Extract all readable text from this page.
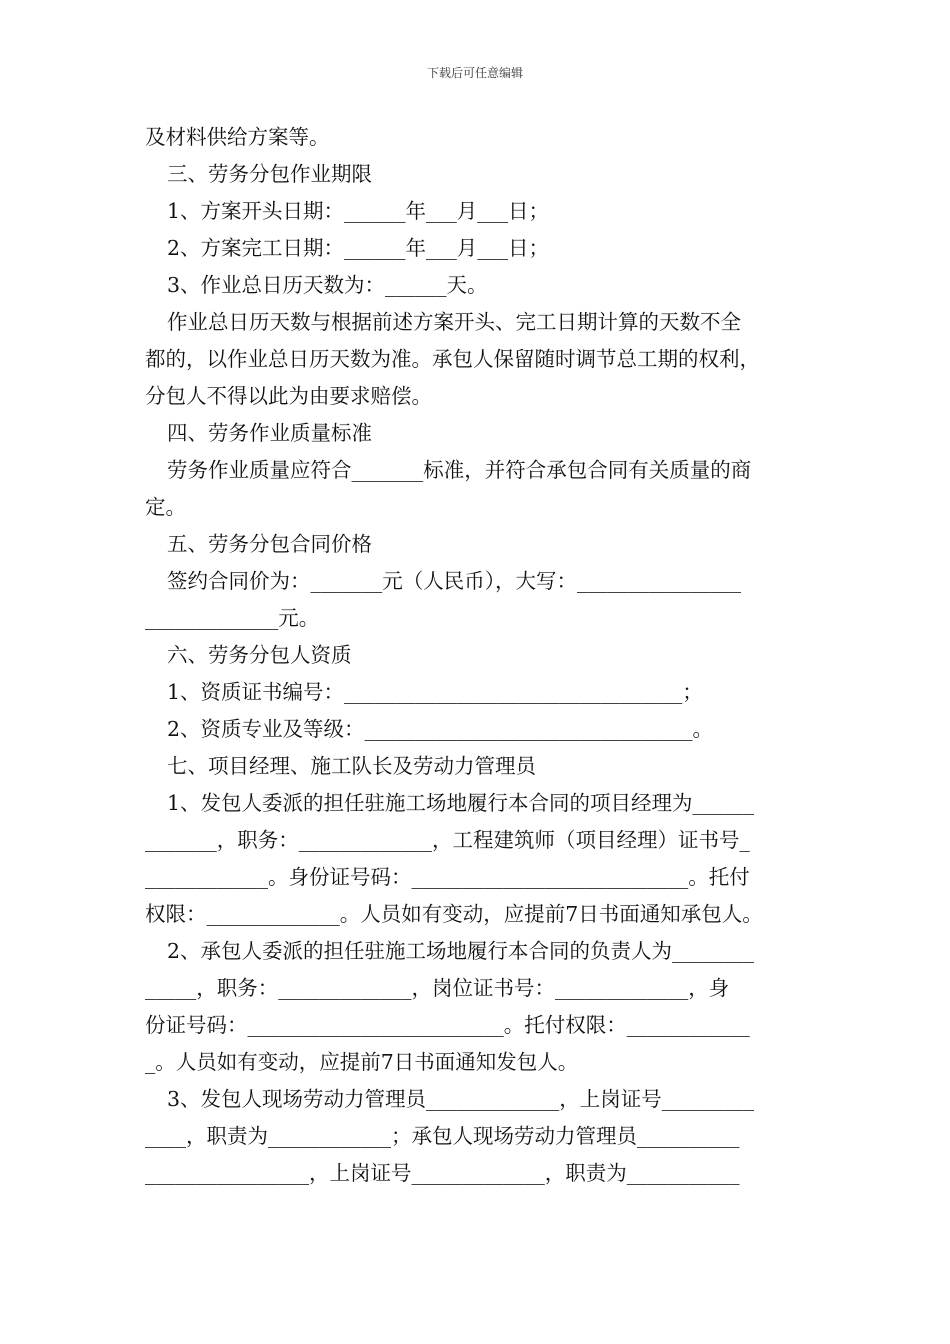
下载后可任意编辑
及材料供给方案等。
三、劳务分包作业期限
1、方案开头日期：______年___月___日；
2、方案完工日期：______年___月___日；
3、作业总日历天数为：______天。
作业总日历天数与根据前述方案开头、完工日期计算的天数不全
都的，以作业总日历天数为准。承包人保留随时调节总工期的权利，
分包人不得以此为由要求赔偿。
四、劳务作业质量标准
劳务作业质量应符合_______标准，并符合承包合同有关质量的商
定。
五、劳务分包合同价格
签约合同价为：_______元（人民币），大写：________________
_____________元。
六、劳务分包人资质
1、资质证书编号：_________________________________；
2、资质专业及等级：________________________________。
七、项目经理、施工队长及劳动力管理员
1、发包人委派的担任驻施工场地履行本合同的项目经理为______
_______，职务：_____________，工程建筑师（项目经理）证书号_
____________。身份证号码：___________________________。托付
权限：_____________。人员如有变动，应提前7日书面通知承包人。
2、承包人委派的担任驻施工场地履行本合同的负责人为________
_____，职务：_____________，岗位证书号：_____________，身
份证号码：_________________________。托付权限：____________
_。人员如有变动，应提前7日书面通知发包人。
3、发包人现场劳动力管理员_____________，上岗证号_________
____，职责为____________；承包人现场劳动力管理员__________
________________，上岗证号_____________，职责为___________
